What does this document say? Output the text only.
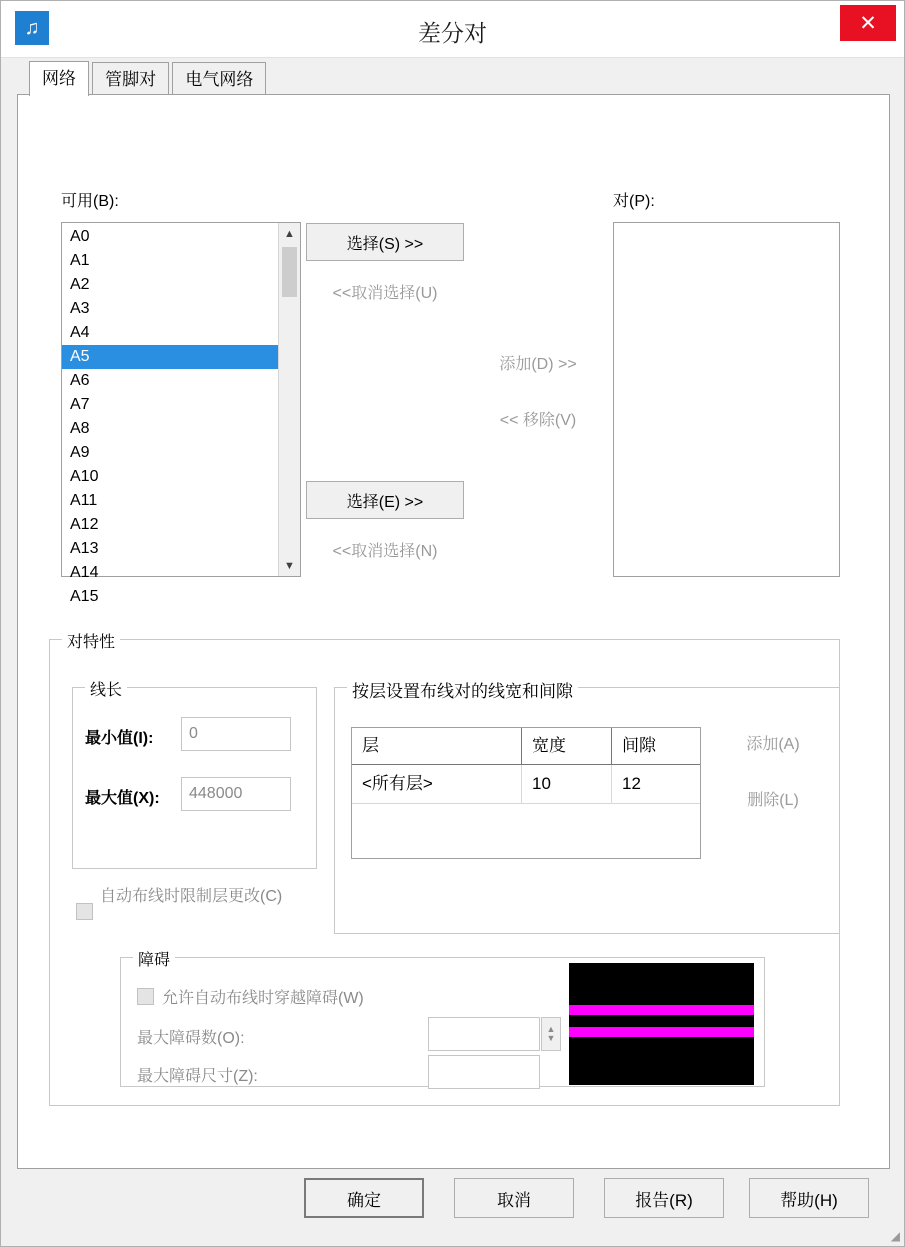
♫	差分对	✕
网络 管脚对 电气网络
可用(B):
A0
A1
A2
A3
A4
A5
A6
A7
A8
A9
A10
A11
A12
A13
A14
A15
▲
▼
选择(S) >>
<<取消选择(U)
添加(D) >>
<< 移除(V)
选择(E) >>
<<取消选择(N)
对(P):
对特性
线长
最小值(I):	0
最大值(X):	448000
自动布线时限制层更改(C)
按层设置布线对的线宽和间隙
层	宽度	间隙
<所有层>	10	12
添加(A)
删除(L)
障碍
允许自动布线时穿越障碍(W)
最大障碍数(O):
▲
▼
最大障碍尺寸(Z):
确定	取消	报告(R)	帮助(H)
◢
